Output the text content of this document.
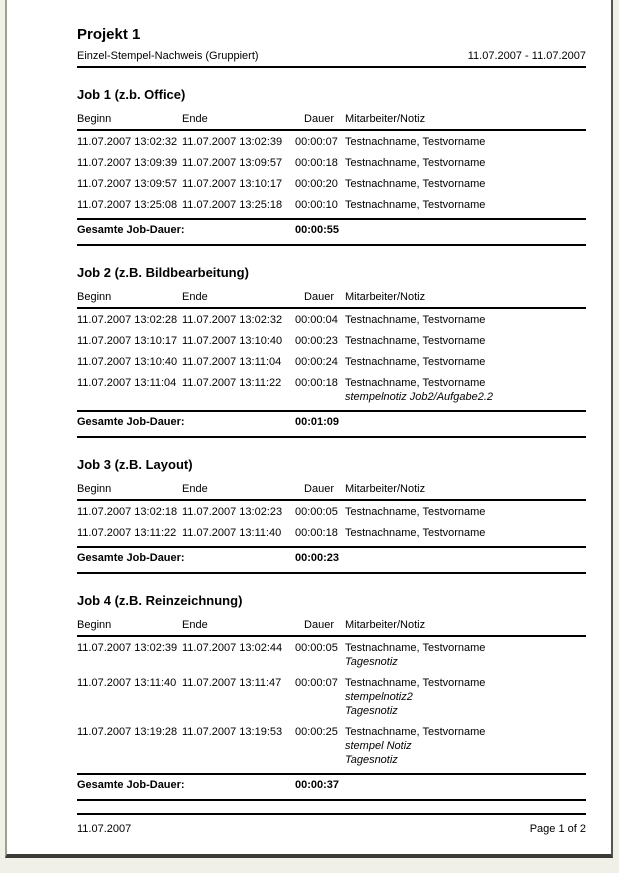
Projekt 1
Einzel-Stempel-Nachweis (Gruppiert)	11.07.2007 - 11.07.2007
Job 1 (z.b. Office)
Beginn	Ende	Dauer	Mitarbeiter/Notiz
11.07.2007 13:02:32 11.07.2007 13:02:39	00:00:07 Testnachname, Testvorname
11.07.2007 13:09:39 11.07.2007 13:09:57	00:00:18 Testnachname, Testvorname
11.07.2007 13:09:57 11.07.2007 13:10:17	00:00:20 Testnachname, Testvorname
11.07.2007 13:25:08 11.07.2007 13:25:18	00:00:10 Testnachname, Testvorname
Gesamte Job-Dauer:	00:00:55
Job 2 (z.B. Bildbearbeitung)
Beginn	Ende	Dauer	Mitarbeiter/Notiz
11.07.2007 13:02:28 11.07.2007 13:02:32	00:00:04 Testnachname, Testvorname
11.07.2007 13:10:17 11.07.2007 13:10:40	00:00:23 Testnachname, Testvorname
11.07.2007 13:10:40 11.07.2007 13:11:04	00:00:24 Testnachname, Testvorname
11.07.2007 13:11:04 11.07.2007 13:11:22	00:00:18 Testnachname, Testvorname
stempelnotiz Job2/Aufgabe2.2
Gesamte Job-Dauer:	00:01:09
Job 3 (z.B. Layout)
Beginn	Ende	Dauer	Mitarbeiter/Notiz
11.07.2007 13:02:18 11.07.2007 13:02:23	00:00:05 Testnachname, Testvorname
11.07.2007 13:11:22 11.07.2007 13:11:40	00:00:18 Testnachname, Testvorname
Gesamte Job-Dauer:	00:00:23
Job 4 (z.B. Reinzeichnung)
Beginn	Ende	Dauer	Mitarbeiter/Notiz
11.07.2007 13:02:39 11.07.2007 13:02:44	00:00:05 Testnachname, Testvorname
Tagesnotiz
11.07.2007 13:11:40 11.07.2007 13:11:47	00:00:07 Testnachname, Testvorname
stempelnotiz2
Tagesnotiz
11.07.2007 13:19:28 11.07.2007 13:19:53	00:00:25 Testnachname, Testvorname
stempel Notiz
Tagesnotiz
Gesamte Job-Dauer:	00:00:37
11.07.2007	Page 1 of 2
